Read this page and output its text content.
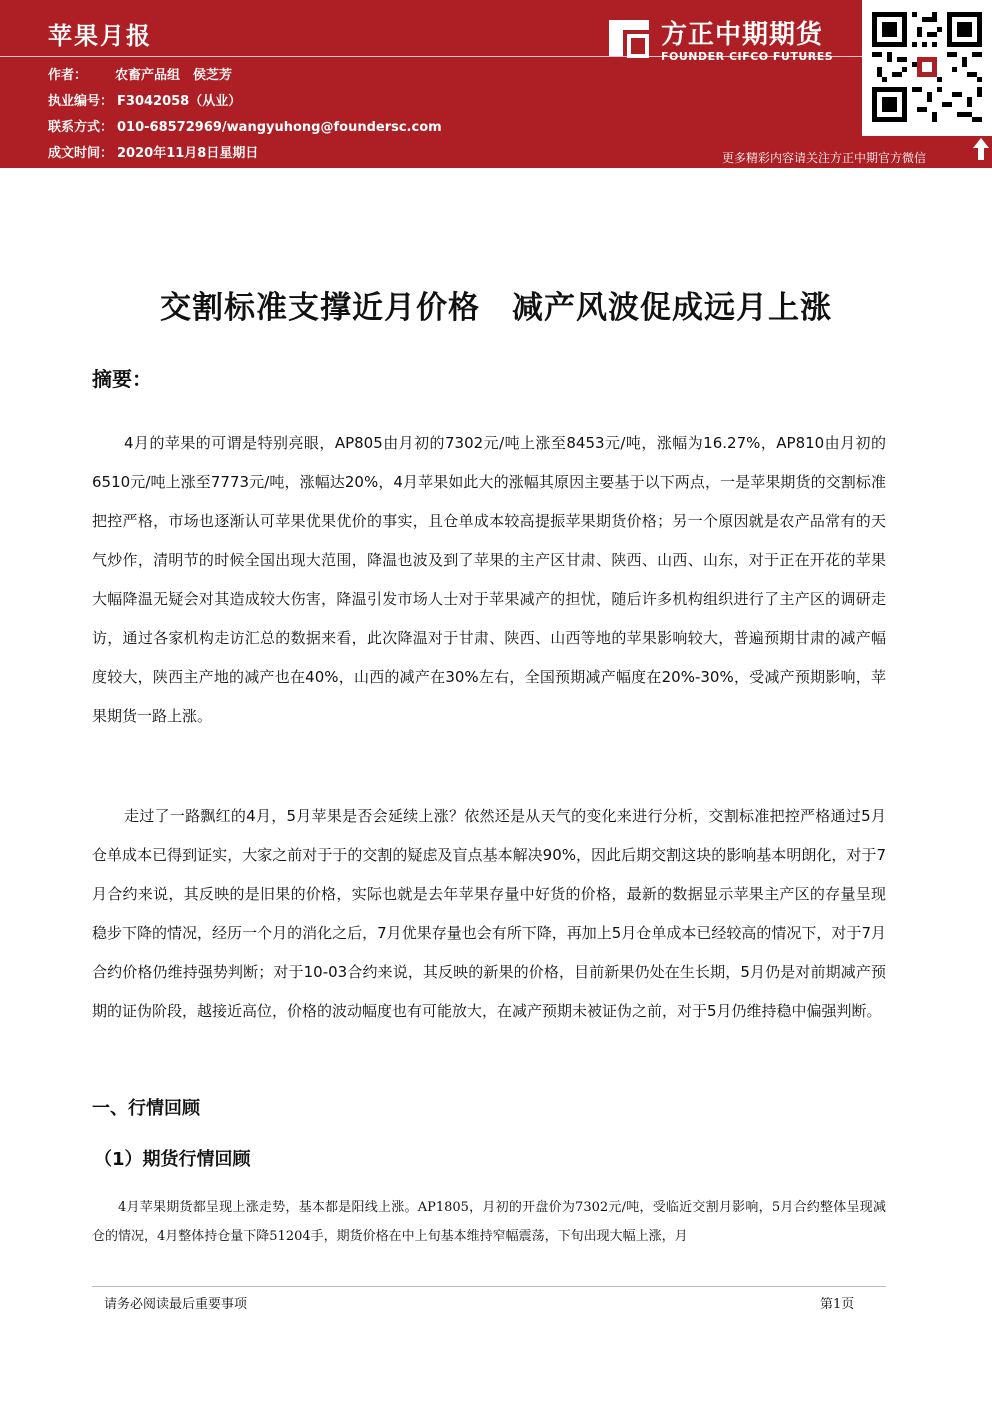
苹果月报
作者： 农畜产品组　侯芝芳
执业编号： F3042058（从业）
联系方式： 010-68572969/wangyuhong@foundersc.com
成文时间： 2020年11月8日星期日
方正中期期货
FOUNDER CIFCO FUTURES
更多精彩内容请关注方正中期官方微信
交割标准支撑近月价格　减产风波促成远月上涨
摘要：
4月的苹果的可谓是特别亮眼，AP805由月初的7302元/吨上涨至8453元/吨，涨幅为16.27%，AP810由月初的6510元/吨上涨至7773元/吨，涨幅达20%，4月苹果如此大的涨幅其原因主要基于以下两点，一是苹果期货的交割标准把控严格，市场也逐渐认可苹果优果优价的事实，且仓单成本较高提振苹果期货价格；另一个原因就是农产品常有的天气炒作，清明节的时候全国出现大范围，降温也波及到了苹果的主产区甘肃、陕西、山西、山东，对于正在开花的苹果大幅降温无疑会对其造成较大伤害，降温引发市场人士对于苹果减产的担忧，随后许多机构组织进行了主产区的调研走访，通过各家机构走访汇总的数据来看，此次降温对于甘肃、陕西、山西等地的苹果影响较大，普遍预期甘肃的减产幅度较大，陕西主产地的减产也在40%，山西的减产在30%左右，全国预期减产幅度在20%-30%，受减产预期影响，苹果期货一路上涨。
走过了一路飘红的4月，5月苹果是否会延续上涨？依然还是从天气的变化来进行分析，交割标准把控严格通过5月仓单成本已得到证实，大家之前对于于的交割的疑虑及盲点基本解决90%，因此后期交割这块的影响基本明朗化，对于7月合约来说，其反映的是旧果的价格，实际也就是去年苹果存量中好货的价格，最新的数据显示苹果主产区的存量呈现稳步下降的情况，经历一个月的消化之后，7月优果存量也会有所下降，再加上5月仓单成本已经较高的情况下，对于7月合约价格仍维持强势判断；对于10-03合约来说，其反映的新果的价格，目前新果仍处在生长期，5月仍是对前期减产预期的证伪阶段，越接近高位，价格的波动幅度也有可能放大，在减产预期未被证伪之前，对于5月仍维持稳中偏强判断。
一、行情回顾
（1）期货行情回顾
4月苹果期货都呈现上涨走势，基本都是阳线上涨。AP1805，月初的开盘价为7302元/吨，受临近交割月影响，5月合约整体呈现减仓的情况，4月整体持仓量下降51204手，期货价格在中上旬基本维持窄幅震荡，下旬出现大幅上涨，月
请务必阅读最后重要事项	第1页
